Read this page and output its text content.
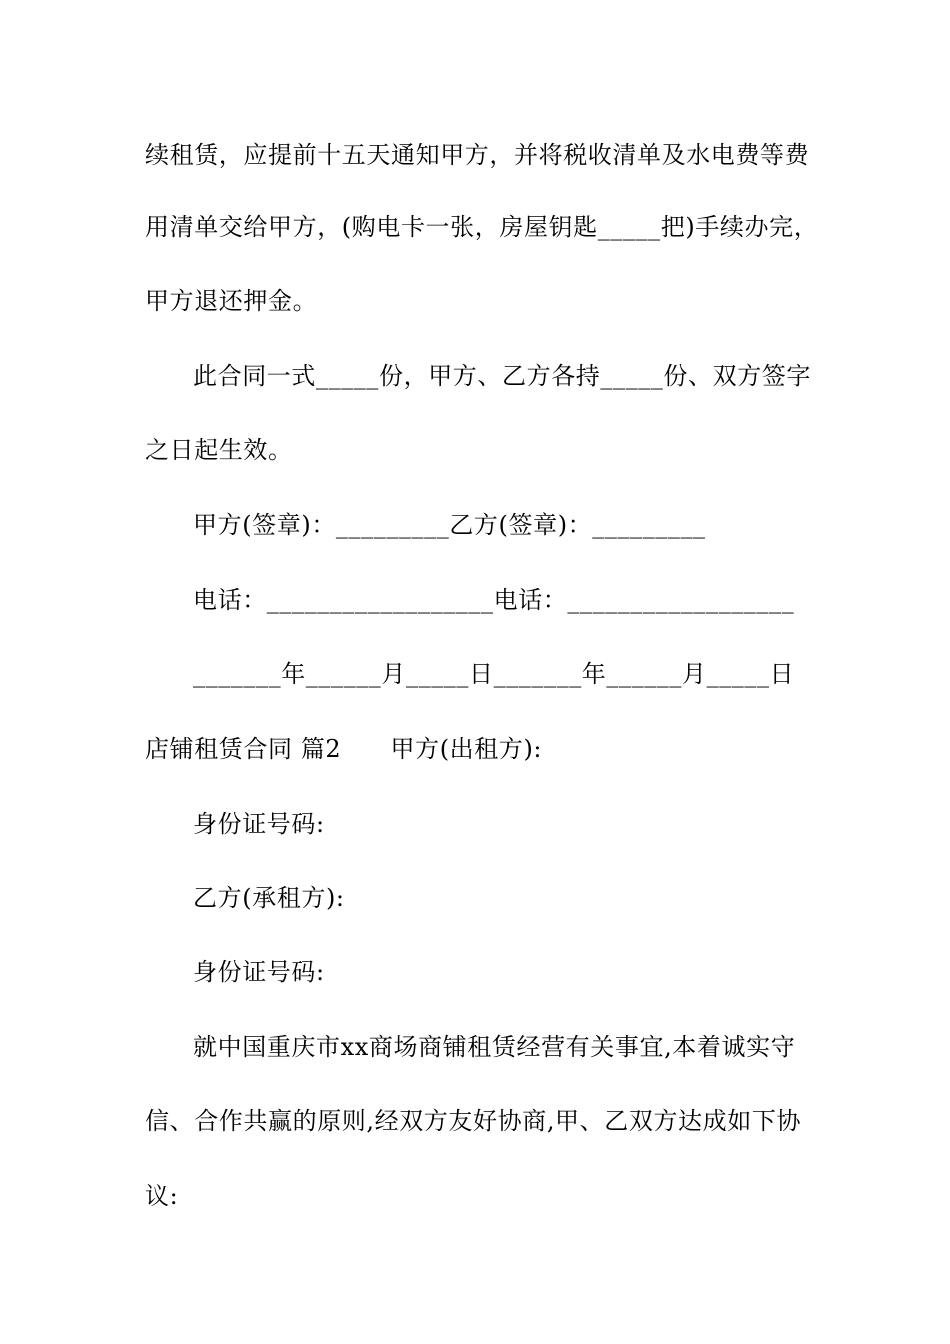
续租赁，应提前十五天通知甲方，并将税收清单及水电费等费
用清单交给甲方，(购电卡一张，房屋钥匙_____把)手续办完，
甲方退还押金。
此合同一式_____份，甲方、乙方各持_____份、双方签字
之日起生效。
甲方(签章)：_________乙方(签章)：_________
电话：__________________电话：__________________
_______年______月_____日_______年______月_____日
店铺租赁合同 篇2　　甲方(出租方):
身份证号码:
乙方(承租方):
身份证号码:
就中国重庆市xx商场商铺租赁经营有关事宜,本着诚实守
信、合作共赢的原则,经双方友好协商,甲、乙双方达成如下协
议:
